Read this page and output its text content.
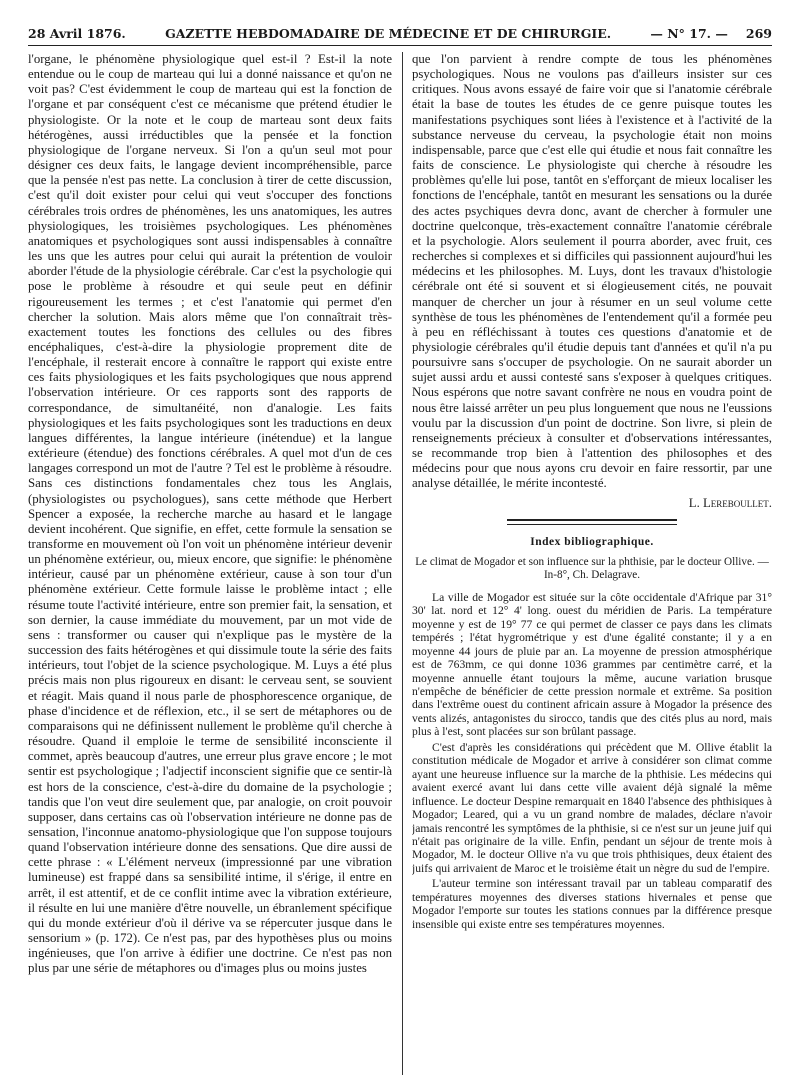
28 Avril 1876.	GAZETTE HEBDOMADAIRE DE MÉDECINE ET DE CHIRURGIE.	— N° 17. — 269

l'organe, le phénomène physiologique quel est-il ? Est-il la note entendue ou le coup de marteau qui lui a donné naissance et qu'on ne voit pas? C'est évidemment le coup de marteau qui est la fonction de l'organe et par conséquent c'est ce mécanisme que prétend étudier le physiologiste. Or la note et le coup de marteau sont deux faits hétérogènes, aussi irréductibles que la pensée et la fonction physiologique de l'organe nerveux. Si l'on a qu'un seul mot pour désigner ces deux faits, le langage devient incompréhensible, parce que la pensée n'est pas nette. La conclusion à tirer de cette discussion, c'est qu'il doit exister pour celui qui veut s'occuper des fonctions cérébrales trois ordres de phénomènes, les uns anatomiques, les autres physiologiques, les troisièmes psychologiques. Les phénomènes anatomiques et psychologiques sont aussi indispensables à connaître les uns que les autres pour celui qui aurait la prétention de vouloir aborder l'étude de la physiologie cérébrale. Car c'est la psychologie qui pose le problème à résoudre et qui seule peut en définir rigoureusement les termes ; et c'est l'anatomie qui permet d'en chercher la solution. Mais alors même que l'on connaîtrait très-exactement toutes les fonctions des cellules ou des fibres encéphaliques, c'est-à-dire la physiologie proprement dite de l'encéphale, il resterait encore à connaître le rapport qui existe entre ces faits physiologiques et les faits psychologiques que nous apprend l'observation intérieure. Or ces rapports sont des rapports de correspondance, de simultanéité, non d'analogie. Les faits physiologiques et les faits psychologiques sont les traductions en deux langues différentes, la langue intérieure (inétendue) et la langue extérieure (étendue) des fonctions cérébrales. A quel mot d'un de ces langages correspond un mot de l'autre ? Tel est le problème à résoudre. Sans ces distinctions fondamentales chez tous les Anglais, (physiologistes ou psychologues), sans cette méthode que Herbert Spencer a exposée, la recherche marche au hasard et le langage devient incohérent. Que signifie, en effet, cette formule la sensation se transforme en mouvement où l'on voit un phénomène intérieur devenir un phénomène extérieur, ou, mieux encore, que signifie: le phénomène intérieur, causé par un phénomène extérieur, cause à son tour d'un phénomène extérieur. Cette formule laisse le problème intact ; elle résume toute l'activité intérieure, entre son premier fait, la sensation, et son dernier, la cause immédiate du mouvement, par un mot vide de sens : transformer ou causer qui n'explique pas le mystère de la succession des faits hétérogènes et qui dissimule toute la série des faits intérieurs, tout l'objet de la science psychologique. M. Luys a été plus précis mais non plus rigoureux en disant: le cerveau sent, se souvient et réagit. Mais quand il nous parle de phosphorescence organique, de phase d'incidence et de réflexion, etc., il se sert de métaphores ou de comparaisons qui ne définissent nullement le problème qu'il cherche à résoudre. Quand il emploie le terme de sensibilité inconsciente il commet, après beaucoup d'autres, une erreur plus grave encore ; le mot sentir est psychologique ; l'adjectif inconscient signifie que ce sentir-là est hors de la conscience, c'est-à-dire du domaine de la psychologie ; tandis que l'on veut dire seulement que, par analogie, on croit pouvoir supposer, dans certains cas où l'observation intérieure ne donne pas de sensation, l'inconnue anatomo-physiologique que l'on suppose toujours quand l'observation intérieure donne des sensations. Que dire aussi de cette phrase : « L'élément nerveux (impressionné par une vibration lumineuse) est frappé dans sa sensibilité intime, il s'érige, il entre en arrêt, il est attentif, et de ce conflit intime avec la vibration extérieure, il résulte en lui une manière d'être nouvelle, un ébranlement spécifique qui du monde extérieur d'où il dérive va se répercuter jusque dans le sensorium » (p. 172). Ce n'est pas, par des hypothèses plus ou moins ingénieuses, que l'on arrive à édifier une doctrine. Ce n'est pas non plus par une série de métaphores ou d'images plus ou moins justes

que l'on parvient à rendre compte de tous les phénomènes psychologiques. Nous ne voulons pas d'ailleurs insister sur ces critiques. Nous avons essayé de faire voir que si l'anatomie cérébrale était la base de toutes les études de ce genre puisque toutes les manifestations psychiques sont liées à l'existence et à l'activité de la substance nerveuse du cerveau, la psychologie était non moins indispensable, parce que c'est elle qui étudie et nous fait connaître les faits de conscience. Le physiologiste qui cherche à résoudre les problèmes qu'elle lui pose, tantôt en s'efforçant de mieux localiser les fonctions de l'encéphale, tantôt en mesurant les sensations ou la durée des actes psychiques devra donc, avant de chercher à formuler une doctrine quelconque, très-exactement connaître l'anatomie cérébrale et la psychologie. Alors seulement il pourra aborder, avec fruit, ces recherches si complexes et si difficiles qui passionnent aujourd'hui les médecins et les philosophes. M. Luys, dont les travaux d'histologie cérébrale ont été si souvent et si élogieusement cités, ne pouvait manquer de chercher un jour à résumer en un seul volume cette synthèse de tous les phénomènes de l'entendement qu'il a formée peu à peu en réfléchissant à toutes ces questions d'anatomie et de physiologie cérébrales qu'il étudie depuis tant d'années et qu'il n'a pu poursuivre sans s'occuper de psychologie. On ne saurait aborder un sujet aussi ardu et aussi contesté sans s'exposer à quelques critiques. Nous espérons que notre savant confrère ne nous en voudra point de nous être laissé arrêter un peu plus longuement que nous ne l'eussions voulu par la discussion d'un point de doctrine. Son livre, si plein de renseignements précieux à consulter et d'observations intéressantes, se recommande trop bien à l'attention des philosophes et des médecins pour que nous ayons cru devoir en faire ressortir, par une analyse détaillée, le mérite incontesté.

L. Lereboullet.

Index bibliographique.

Le climat de Mogador et son influence sur la phthisie, par le docteur Ollive. — In-8°, Ch. Delagrave.

La ville de Mogador est située sur la côte occidentale d'Afrique par 31° 30' lat. nord et 12° 4' long. ouest du méridien de Paris. La température moyenne y est de 19° 77 ce qui permet de classer ce pays dans les climats tempérés ; l'état hygrométrique y est d'une égalité constante; il y a en moyenne 44 jours de pluie par an. La moyenne de pression atmosphérique est de 763mm, ce qui donne 1036 grammes par centimètre carré, et la moyenne annuelle étant toujours la même, aucune variation brusque n'empêche de bénéficier de cette pression normale et extrême. Sa position dans l'extrême ouest du continent africain assure à Mogador la présence des vents alizés, antagonistes du sirocco, tandis que des cités plus au nord, mais plus à l'est, sont placées sur son brûlant passage.

C'est d'après les considérations qui précèdent que M. Ollive établit la constitution médicale de Mogador et arrive à considérer son climat comme ayant une heureuse influence sur la marche de la phthisie. Les médecins qui avaient exercé avant lui dans cette ville avaient déjà signalé la même influence. Le docteur Despine remarquait en 1840 l'absence des phthisiques à Mogador; Leared, qui a vu un grand nombre de malades, déclare n'avoir jamais rencontré les symptômes de la phthisie, si ce n'est sur un jeune juif qui n'était pas originaire de la ville. Enfin, pendant un séjour de trente mois à Mogador, M. le docteur Ollive n'a vu que trois phthisiques, deux étaient des juifs qui arrivaient de Maroc et le troisième était un nègre du sud de l'empire.

L'auteur termine son intéressant travail par un tableau comparatif des températures moyennes des diverses stations hivernales et pense que Mogador l'emporte sur toutes les stations connues par la différence presque insensible qui existe entre ses températures moyennes.
